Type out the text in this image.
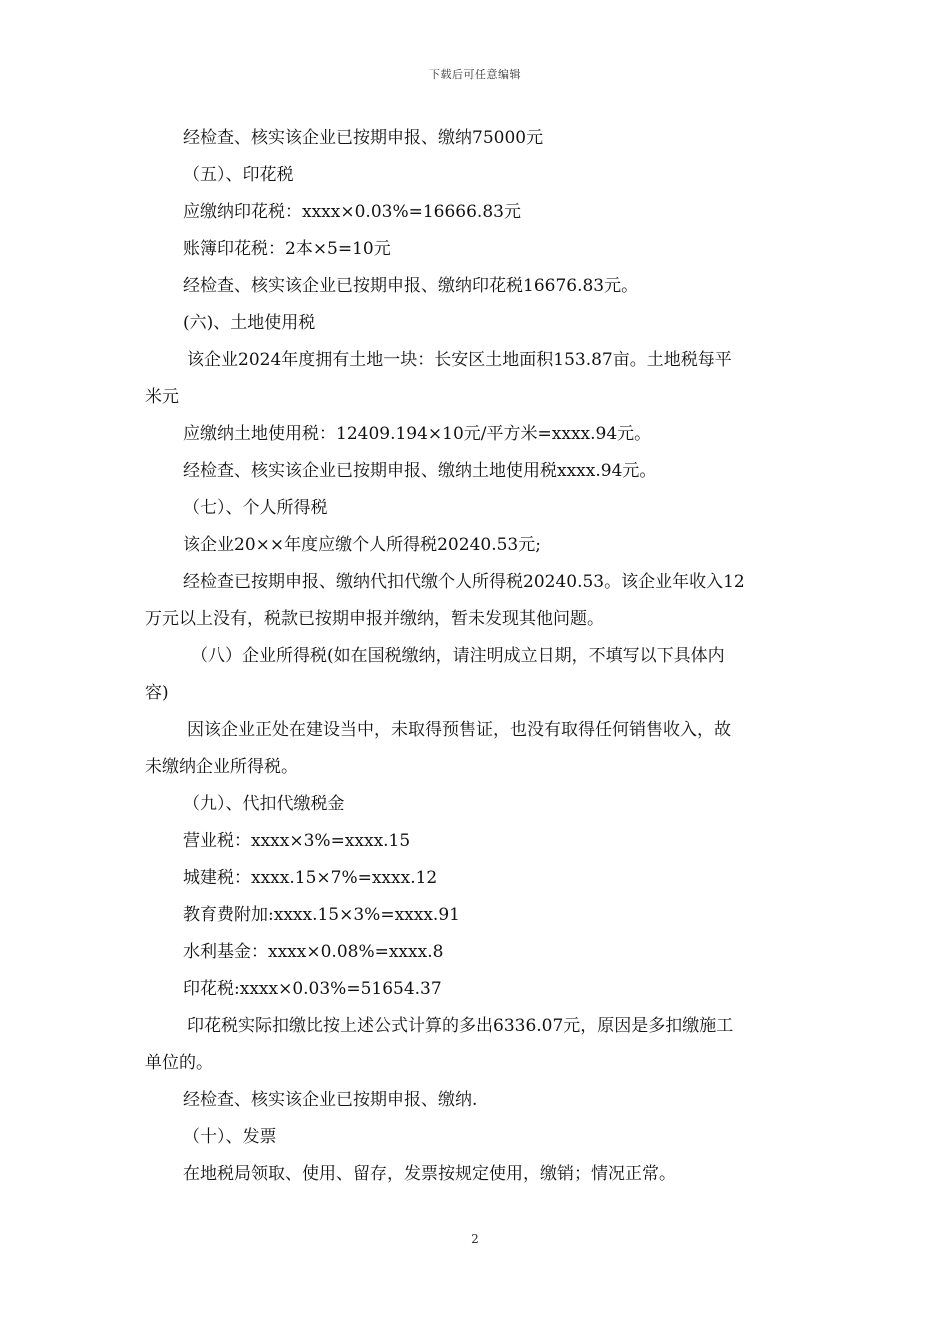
下载后可任意编辑

经检查、核实该企业已按期申报、缴纳75000元

（五）、印花税

应缴纳印花税：xxxx×0.03%=16666.83元

账簿印花税：2本×5=10元

经检查、核实该企业已按期申报、缴纳印花税16676.83元。

(六)、土地使用税

该企业2024年度拥有土地一块：长安区土地面积153.87亩。土地税每平

米元

应缴纳土地使用税：12409.194×10元/平方米=xxxx.94元。

经检查、核实该企业已按期申报、缴纳土地使用税xxxx.94元。

（七）、个人所得税

该企业20××年度应缴个人所得税20240.53元;

经检查已按期申报、缴纳代扣代缴个人所得税20240.53。该企业年收入12

万元以上没有，税款已按期申报并缴纳，暂未发现其他问题。

（八）企业所得税(如在国税缴纳，请注明成立日期，不填写以下具体内

容)

因该企业正处在建设当中，未取得预售证，也没有取得任何销售收入，故

未缴纳企业所得税。

（九）、代扣代缴税金

营业税：xxxx×3%=xxxx.15

城建税：xxxx.15×7%=xxxx.12

教育费附加:xxxx.15×3%=xxxx.91

水利基金：xxxx×0.08%=xxxx.8

印花税:xxxx×0.03%=51654.37

印花税实际扣缴比按上述公式计算的多出6336.07元，原因是多扣缴施工

单位的。

经检查、核实该企业已按期申报、缴纳.

（十）、发票

在地税局领取、使用、留存，发票按规定使用，缴销；情况正常。

2
